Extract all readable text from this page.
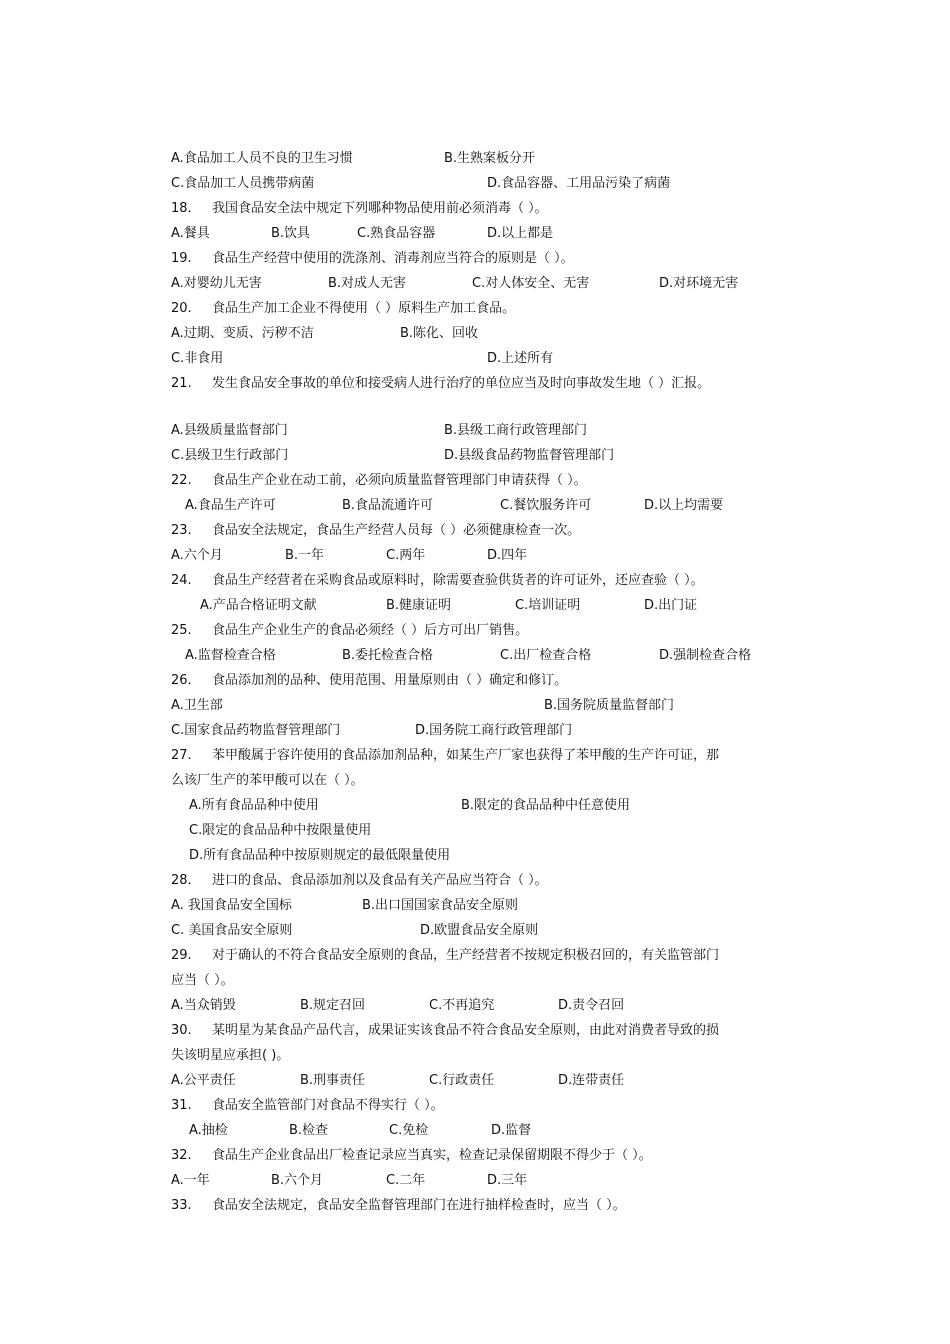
A.食品加工人员不良的卫生习惯	B.生熟案板分开
C.食品加工人员携带病菌	D.食品容器、工用品污染了病菌
18. 我国食品安全法中规定下列哪种物品使用前必须消毒（ ）。
A.餐具	B.饮具	C.熟食品容器	D.以上都是
19. 食品生产经营中使用的洗涤剂、消毒剂应当符合的原则是（ ）。
A.对婴幼儿无害	B.对成人无害	C.对人体安全、无害	D.对环境无害
20. 食品生产加工企业不得使用（ ）原料生产加工食品。
A.过期、变质、污秽不洁	B.陈化、回收
C.非食用	D.上述所有
21. 发生食品安全事故的单位和接受病人进行治疗的单位应当及时向事故发生地（ ）汇报。
A.县级质量监督部门	B.县级工商行政管理部门
C.县级卫生行政部门	D.县级食品药物监督管理部门
22. 食品生产企业在动工前，必须向质量监督管理部门申请获得（ ）。
A.食品生产许可	B.食品流通许可	C.餐饮服务许可	D.以上均需要
23. 食品安全法规定，食品生产经营人员每（ ）必须健康检查一次。
A.六个月	B.一年	C.两年	D.四年
24. 食品生产经营者在采购食品或原料时，除需要查验供货者的许可证外，还应查验（ ）。
A.产品合格证明文献	B.健康证明	C.培训证明	D.出门证
25. 食品生产企业生产的食品必须经（ ）后方可出厂销售。
A.监督检查合格	B.委托检查合格	C.出厂检查合格	D.强制检查合格
26. 食品添加剂的品种、使用范围、用量原则由（ ）确定和修订。
A.卫生部	B.国务院质量监督部门
C.国家食品药物监督管理部门	D.国务院工商行政管理部门
27. 苯甲酸属于容许使用的食品添加剂品种，如某生产厂家也获得了苯甲酸的生产许可证，那
么该厂生产的苯甲酸可以在（ ）。
A.所有食品品种中使用	B.限定的食品品种中任意使用
C.限定的食品品种中按限量使用
D.所有食品品种中按原则规定的最低限量使用
28. 进口的食品、食品添加剂以及食品有关产品应当符合（ ）。
A. 我国食品安全国标	B.出口国国家食品安全原则
C. 美国食品安全原则	D.欧盟食品安全原则
29. 对于确认的不符合食品安全原则的食品，生产经营者不按规定积极召回的，有关监管部门
应当（ ）。
A.当众销毁	B.规定召回	C.不再追究	D.责令召回
30. 某明星为某食品产品代言，成果证实该食品不符合食品安全原则，由此对消费者导致的损
失该明星应承担( )。
A.公平责任	B.刑事责任	C.行政责任	D.连带责任
31. 食品安全监管部门对食品不得实行（ ）。
A.抽检	B.检查	C.免检	D.监督
32. 食品生产企业食品出厂检查记录应当真实，检查记录保留期限不得少于（ ）。
A.一年	B.六个月	C.二年	D.三年
33. 食品安全法规定，食品安全监督管理部门在进行抽样检查时，应当（ ）。
